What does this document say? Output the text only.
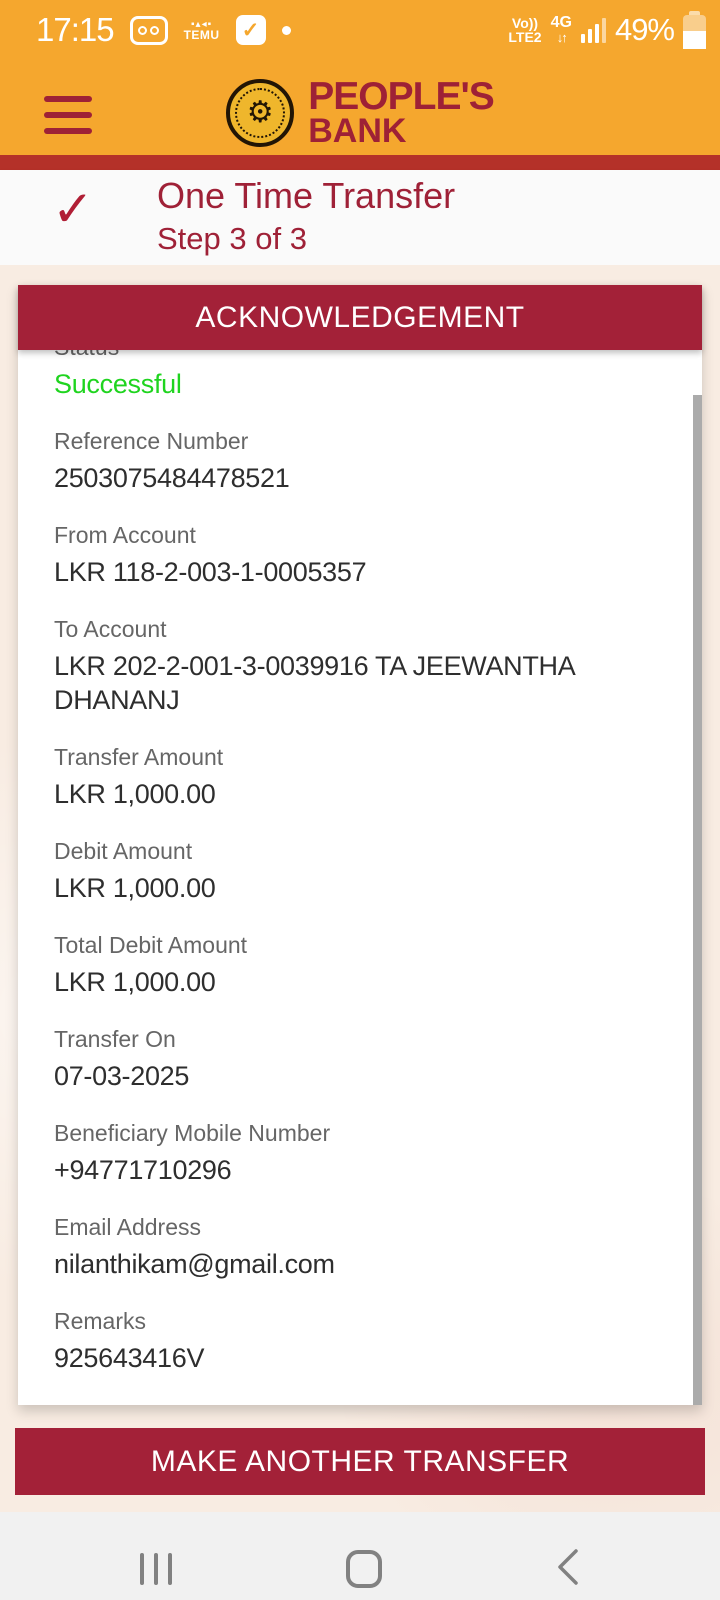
17:15	▪▴◂▪
TEMU ✓	Vo))
LTE2
4G
↓↑ 49%
⚙ PEOPLE'S
BANK
✓ One Time Transfer
Step 3 of 3
ACKNOWLEDGEMENT
Successful
Reference Number
2503075484478521
From Account
LKR 118-2-003-1-0005357
To Account
LKR 202-2-001-3-0039916 TA JEEWANTHA DHANANJ
Transfer Amount
LKR 1,000.00
Debit Amount
LKR 1,000.00
Total Debit Amount
LKR 1,000.00
Transfer On
07-03-2025
Beneficiary Mobile Number
+94771710296
Email Address
nilanthikam@gmail.com
Remarks
925643416V
MAKE ANOTHER TRANSFER
